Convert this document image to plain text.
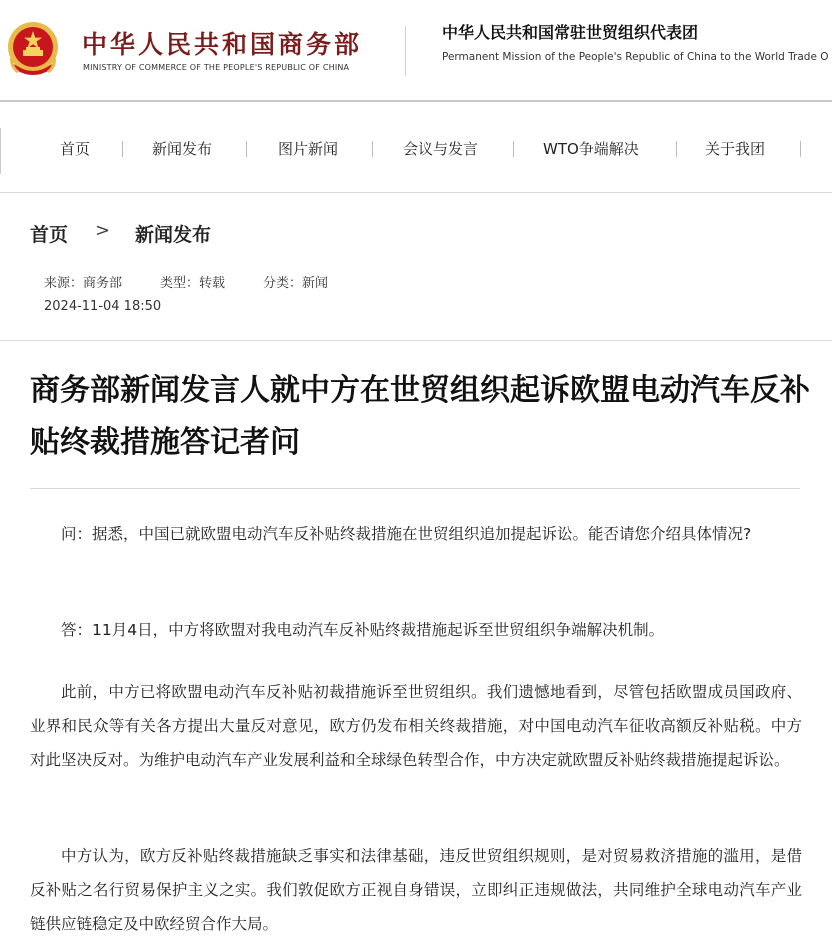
中华人民共和国商务部
MINISTRY OF COMMERCE OF THE PEOPLE'S REPUBLIC OF CHINA
中华人民共和国常驻世贸组织代表团
Permanent Mission of the People's Republic of China to the World Trade O
首页	新闻发布	图片新闻	会议与发言	WTO争端解决	关于我团
首页 > 新闻发布
来源：商务部	类型：转载	分类：新闻
2024-11-04 18:50
商务部新闻发言人就中方在世贸组织起诉欧盟电动汽车反补贴终裁措施答记者问
问：据悉，中国已就欧盟电动汽车反补贴终裁措施在世贸组织追加提起诉讼。能否请您介绍具体情况?
答：11月4日，中方将欧盟对我电动汽车反补贴终裁措施起诉至世贸组织争端解决机制。
此前，中方已将欧盟电动汽车反补贴初裁措施诉至世贸组织。我们遗憾地看到，尽管包括欧盟成员国政府、业界和民众等有关各方提出大量反对意见，欧方仍发布相关终裁措施，对中国电动汽车征收高额反补贴税。中方对此坚决反对。为维护电动汽车产业发展利益和全球绿色转型合作，中方决定就欧盟反补贴终裁措施提起诉讼。
中方认为，欧方反补贴终裁措施缺乏事实和法律基础，违反世贸组织规则，是对贸易救济措施的滥用，是借反补贴之名行贸易保护主义之实。我们敦促欧方正视自身错误，立即纠正违规做法，共同维护全球电动汽车产业链供应链稳定及中欧经贸合作大局。
